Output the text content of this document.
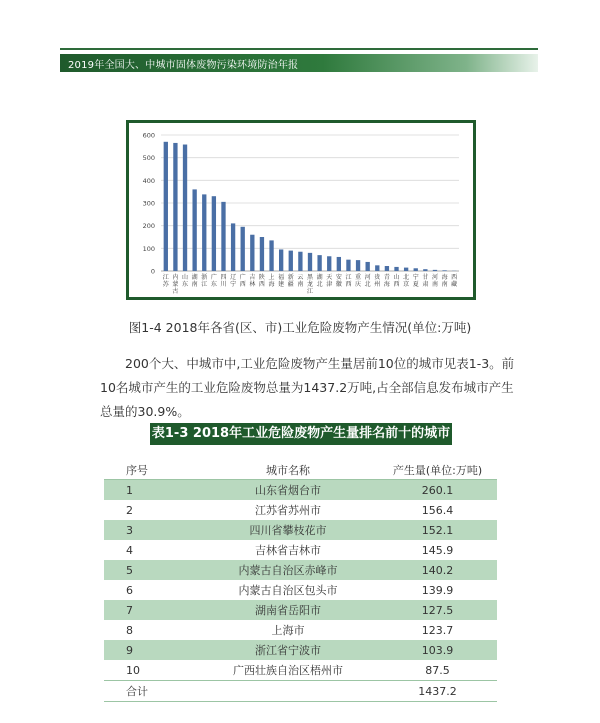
2019年全国大、中城市固体废物污染环境防治年报
0
100
200
300
400
500
600
江
苏
内
蒙
古
山
东
湖
南
浙
江
广
东
四
川
辽
宁
广
西
吉
林
陕
西
上
海
福
建
新
疆
云
南
黑
龙
江
湖
北
天
津
安
徽
江
西
重
庆
河
北
贵
州
青
海
山
西
北
京
宁
夏
甘
肃
河
南
海
南
西
藏
图1-4 2018年各省(区、市)工业危险废物产生情况(单位:万吨)
200个大、中城市中,工业危险废物产生量居前10位的城市见表1-3。前10名城市产生的工业危险废物总量为1437.2万吨,占全部信息发布城市产生总量的30.9%。
表1-3 2018年工业危险废物产生量排名前十的城市
序号	城市名称	产生量(单位:万吨)
1	山东省烟台市	260.1
2	江苏省苏州市	156.4
3	四川省攀枝花市	152.1
4	吉林省吉林市	145.9
5	内蒙古自治区赤峰市	140.2
6	内蒙古自治区包头市	139.9
7	湖南省岳阳市	127.5
8	上海市	123.7
9	浙江省宁波市	103.9
10	广西壮族自治区梧州市	87.5
合计		1437.2
